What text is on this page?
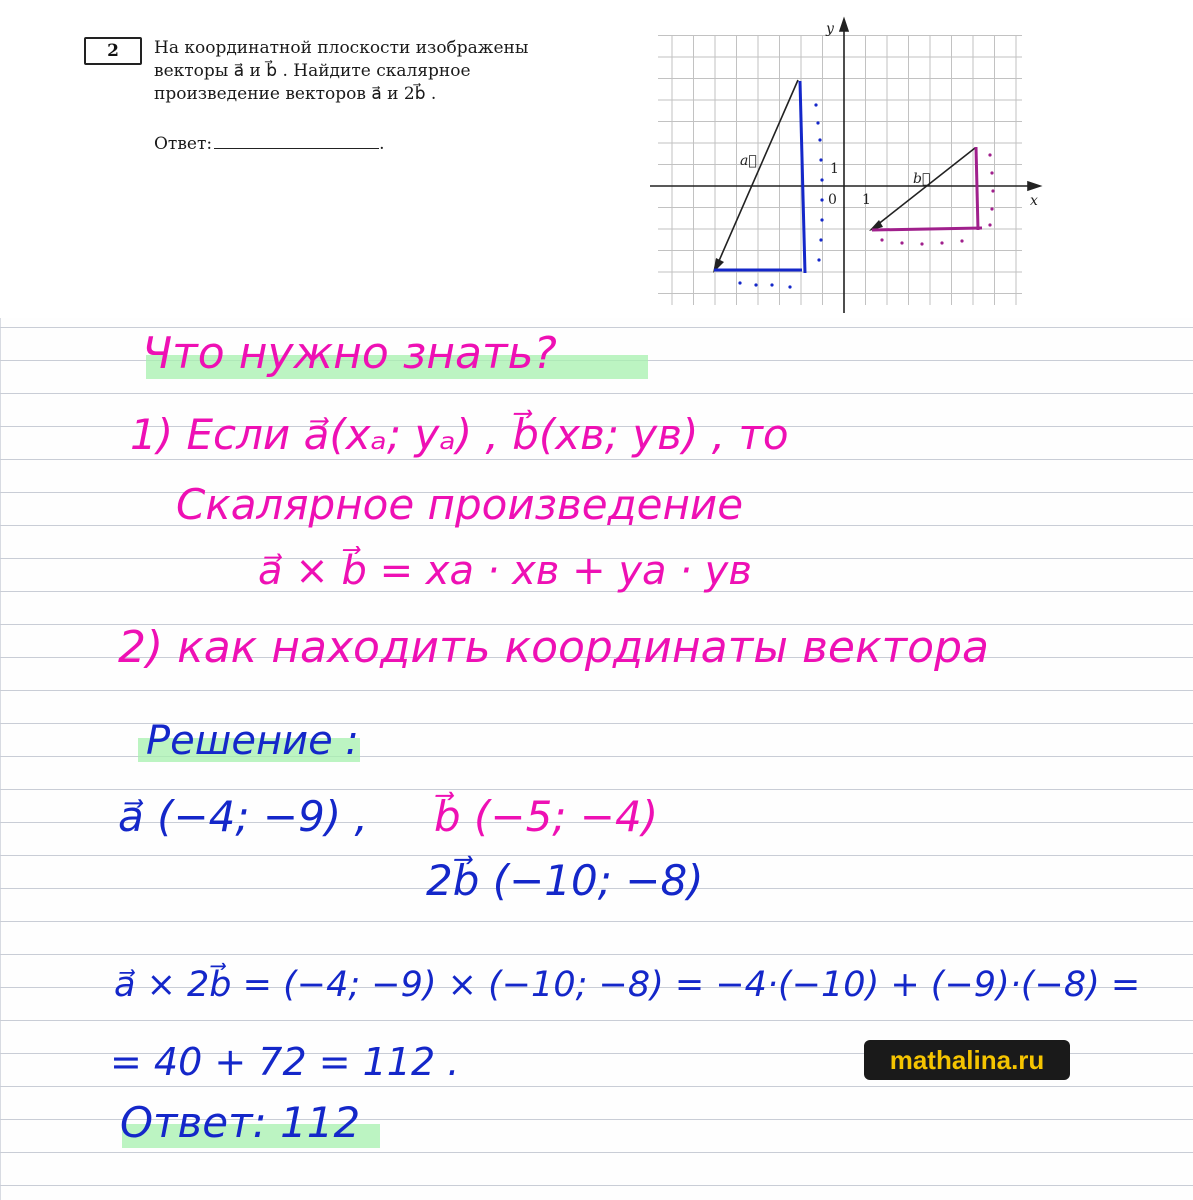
2	На координатной плоскости изображены
векторы a⃗ и b⃗ . Найдите скалярное
произведение векторов a⃗ и 2b⃗ .
Ответ:	.
x
y
0 1
1
a⃗
b⃗
Что нужно знать?
1) Если a⃗(xₐ; yₐ) , b⃗(xв; yв) , то
Скалярное произведение
a⃗ × b⃗ = xа · xв + yа · yв
2) как находить координаты вектора
Решение :
a⃗ (−4; −9) , b⃗ (−5; −4)
2b⃗ (−10; −8)
a⃗ × 2b⃗ = (−4; −9) × (−10; −8) = −4·(−10) + (−9)·(−8) =
= 40 + 72 = 112 .
Ответ: 112
mathalina.ru
